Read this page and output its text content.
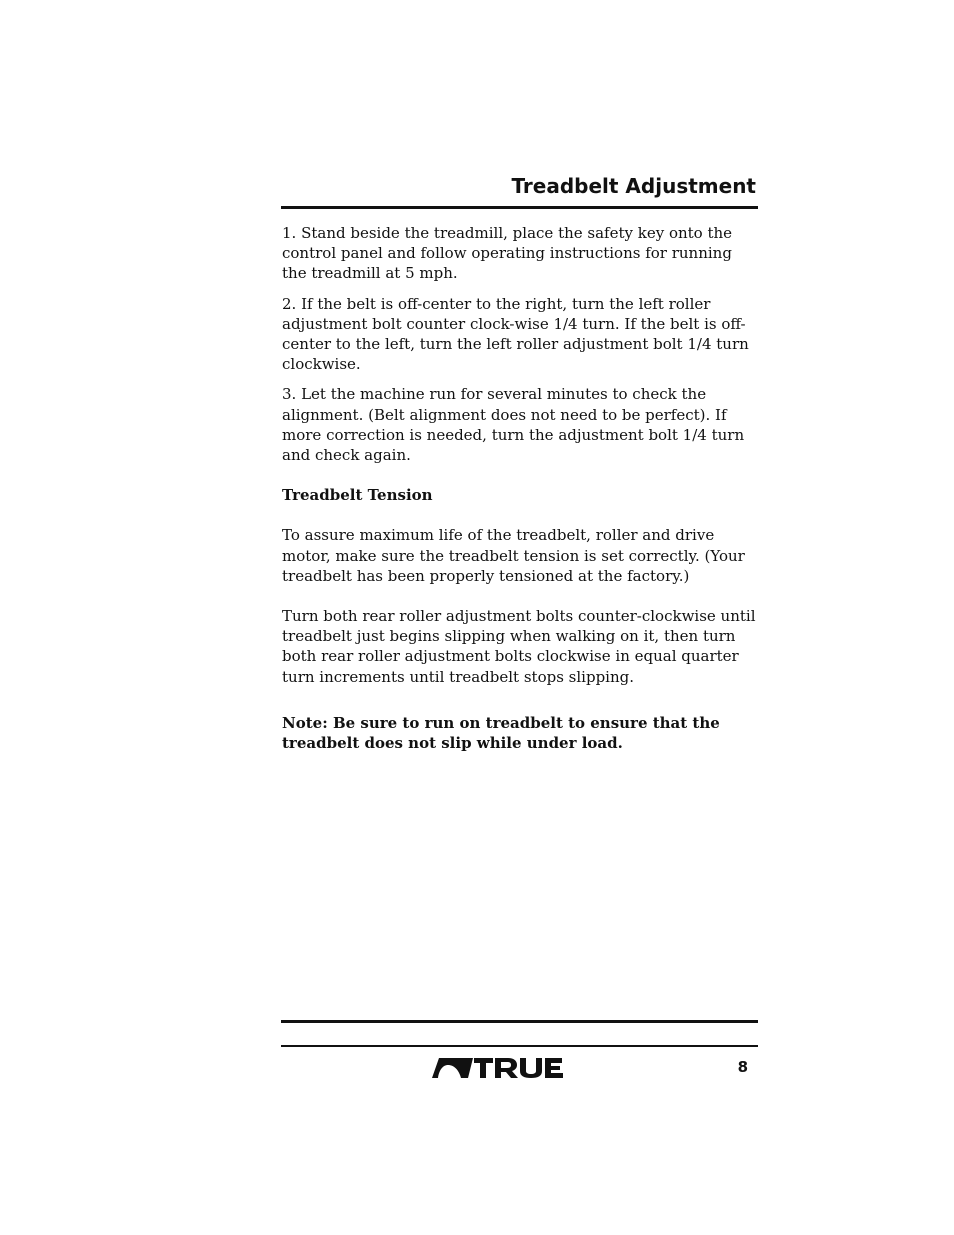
Treadbelt Adjustment

1. Stand beside the treadmill, place the safety key onto the control panel and follow operating instructions for running the treadmill at 5 mph.

2. If the belt is off-center to the right, turn the left roller adjustment bolt counter clock-wise 1/4 turn. If the belt is off-center to the left, turn the left roller adjustment bolt 1/4 turn clockwise.

3. Let the machine run for several minutes to check the alignment. (Belt alignment does not need to be perfect). If more correction is needed, turn the adjustment bolt 1/4 turn and check again.

Treadbelt Tension

To assure maximum life of the treadbelt, roller and drive motor, make sure the treadbelt tension is set correctly. (Your treadbelt has been properly tensioned at the factory.)

Turn both rear roller adjustment bolts counter-clockwise until treadbelt just begins slipping when walking on it, then turn both rear roller adjustment bolts clockwise in equal quarter turn increments until treadbelt stops slipping.

Note: Be sure to run on treadbelt to ensure that the treadbelt does not slip while under load.

8
